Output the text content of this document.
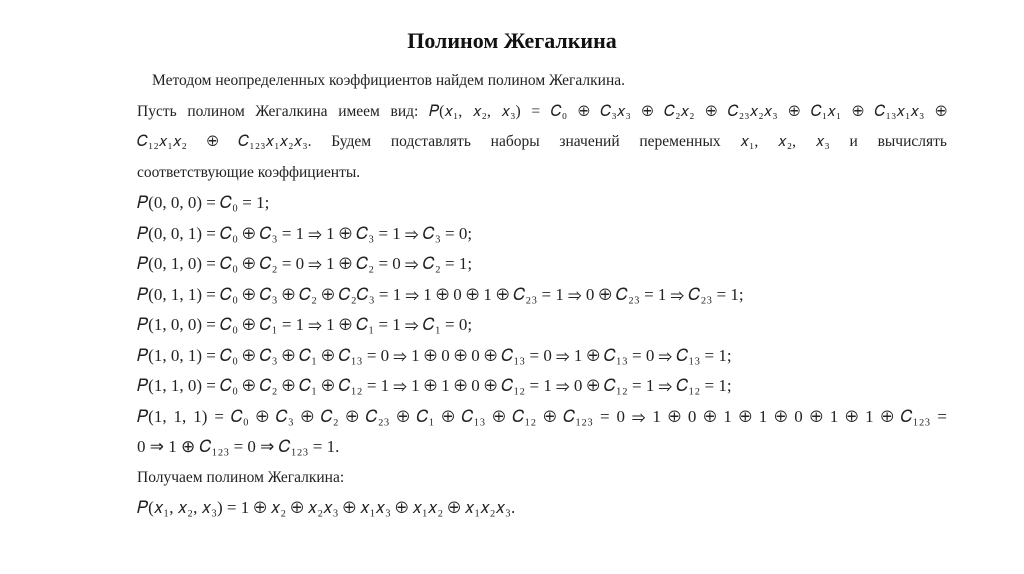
Полином Жегалкина

Методом неопределенных коэффициентов найдем полином Жегалкина.

Пусть полином Жегалкина имеем вид: 𝑃(𝑥₁, 𝑥₂, 𝑥₃) = 𝐶₀ ⊕ 𝐶₃𝑥₃ ⊕ 𝐶₂𝑥₂ ⊕ 𝐶₂₃𝑥₂𝑥₃ ⊕ 𝐶₁𝑥₁ ⊕ 𝐶₁₃𝑥₁𝑥₃ ⊕

𝐶₁₂𝑥₁𝑥₂ ⊕ 𝐶₁₂₃𝑥₁𝑥₂𝑥₃. Будем подставлять наборы значений переменных 𝑥₁, 𝑥₂, 𝑥₃ и вычислять

соответствующие коэффициенты.

𝑃(0, 0, 0) = 𝐶₀ = 1;

𝑃(0, 0, 1) = 𝐶₀ ⊕ 𝐶₃ = 1 ⇒ 1 ⊕ 𝐶₃ = 1 ⇒ 𝐶₃ = 0;

𝑃(0, 1, 0) = 𝐶₀ ⊕ 𝐶₂ = 0 ⇒ 1 ⊕ 𝐶₂ = 0 ⇒ 𝐶₂ = 1;

𝑃(0, 1, 1) = 𝐶₀ ⊕ 𝐶₃ ⊕ 𝐶₂ ⊕ 𝐶₂𝐶₃ = 1 ⇒ 1 ⊕ 0 ⊕ 1 ⊕ 𝐶₂₃ = 1 ⇒ 0 ⊕ 𝐶₂₃ = 1 ⇒ 𝐶₂₃ = 1;

𝑃(1, 0, 0) = 𝐶₀ ⊕ 𝐶₁ = 1 ⇒ 1 ⊕ 𝐶₁ = 1 ⇒ 𝐶₁ = 0;

𝑃(1, 0, 1) = 𝐶₀ ⊕ 𝐶₃ ⊕ 𝐶₁ ⊕ 𝐶₁₃ = 0 ⇒ 1 ⊕ 0 ⊕ 0 ⊕ 𝐶₁₃ = 0 ⇒ 1 ⊕ 𝐶₁₃ = 0 ⇒ 𝐶₁₃ = 1;

𝑃(1, 1, 0) = 𝐶₀ ⊕ 𝐶₂ ⊕ 𝐶₁ ⊕ 𝐶₁₂ = 1 ⇒ 1 ⊕ 1 ⊕ 0 ⊕ 𝐶₁₂ = 1 ⇒ 0 ⊕ 𝐶₁₂ = 1 ⇒ 𝐶₁₂ = 1;

𝑃(1, 1, 1) = 𝐶₀ ⊕ 𝐶₃ ⊕ 𝐶₂ ⊕ 𝐶₂₃ ⊕ 𝐶₁ ⊕ 𝐶₁₃ ⊕ 𝐶₁₂ ⊕ 𝐶₁₂₃ = 0 ⇒ 1 ⊕ 0 ⊕ 1 ⊕ 1 ⊕ 0 ⊕ 1 ⊕ 1 ⊕ 𝐶₁₂₃ =

0 ⇒ 1 ⊕ 𝐶₁₂₃ = 0 ⇒ 𝐶₁₂₃ = 1.

Получаем полином Жегалкина:

𝑃(𝑥₁, 𝑥₂, 𝑥₃) = 1 ⊕ 𝑥₂ ⊕ 𝑥₂𝑥₃ ⊕ 𝑥₁𝑥₃ ⊕ 𝑥₁𝑥₂ ⊕ 𝑥₁𝑥₂𝑥₃.
